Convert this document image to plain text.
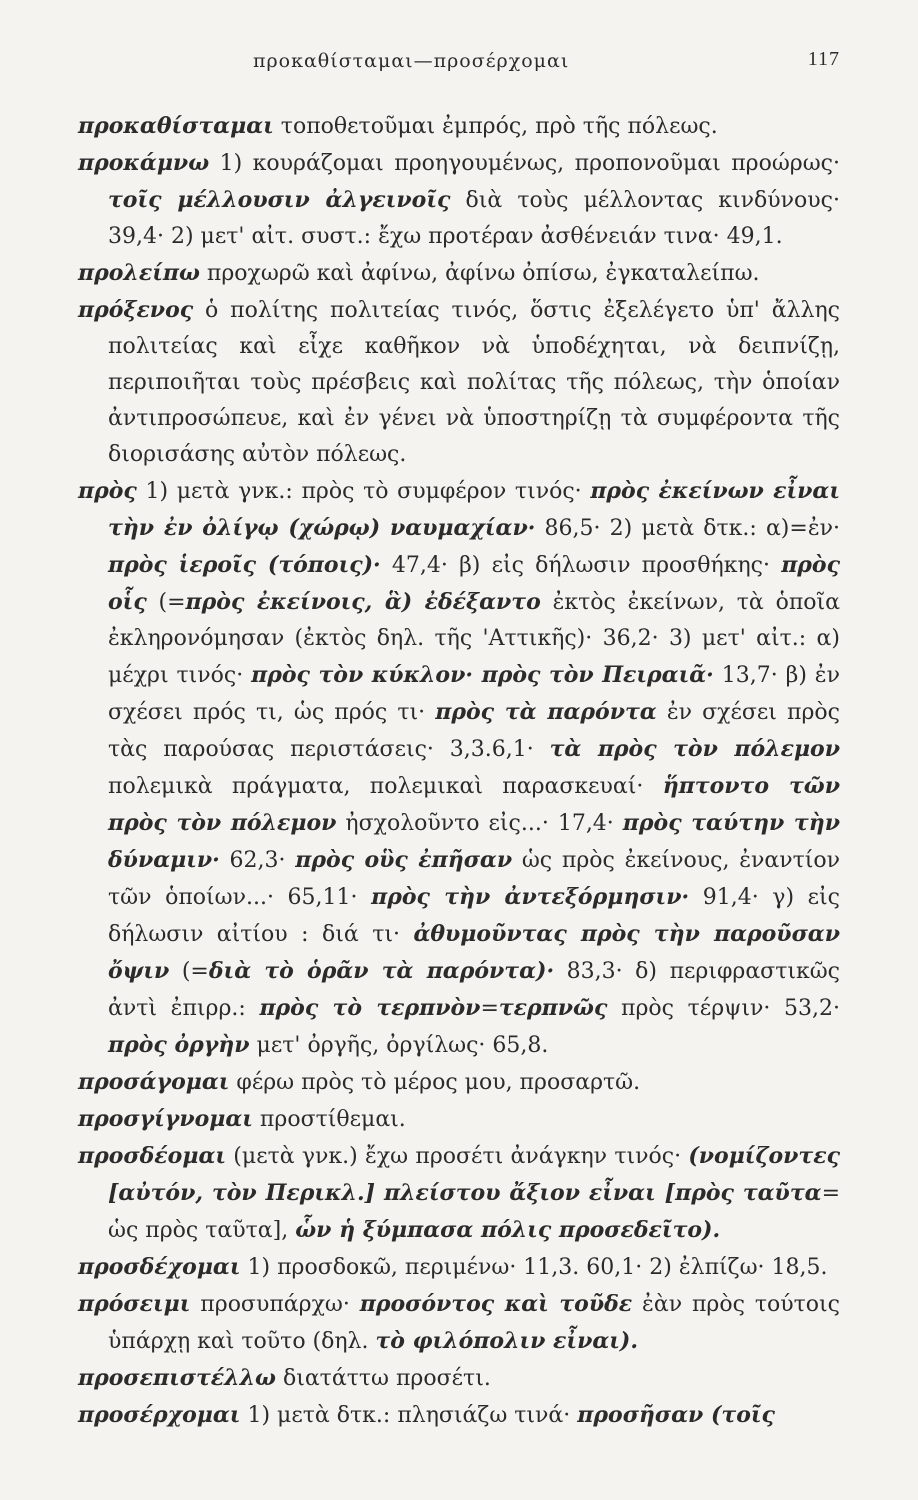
προκαθίσταμαι—προσέρχομαι	117

προκαθίσταμαι τοποθετοῦμαι ἐμπρός, πρὸ τῆς πόλεως.

προκάμνω 1) κουράζομαι προηγουμένως, προπονοῦμαι προώρως· τοῖς μέλλουσιν ἀλγεινοῖς διὰ τοὺς μέλλοντας κινδύνους· 39,4· 2) μετ' αἰτ. συστ.: ἔχω προτέραν ἀσθένειάν τινα· 49,1.

προλείπω προχωρῶ καὶ ἀφίνω, ἀφίνω ὀπίσω, ἐγκαταλείπω.

πρόξενος ὁ πολίτης πολιτείας τινός, ὅστις ἐξελέγετο ὑπ' ἄλλης πολιτείας καὶ εἶχε καθῆκον νὰ ὑποδέχηται, νὰ δειπνίζῃ, περιποιῆται τοὺς πρέσβεις καὶ πολίτας τῆς πόλεως, τὴν ὁποίαν ἀντιπροσώπευε, καὶ ἐν γένει νὰ ὑποστηρίζῃ τὰ συμφέροντα τῆς διορισάσης αὐτὸν πόλεως.

πρὸς 1) μετὰ γνκ.: πρὸς τὸ συμφέρον τινός· πρὸς ἐκείνων εἶναι τὴν ἐν ὀλίγῳ (χώρῳ) ναυμαχίαν· 86,5· 2) μετὰ δτκ.: α)=ἐν· πρὸς ἱεροῖς (τόποις)· 47,4· β) εἰς δήλωσιν προσθήκης· πρὸς οἷς (=πρὸς ἐκείνοις, ἃ) ἐδέξαντο ἐκτὸς ἐκείνων, τὰ ὁποῖα ἐκληρονόμησαν (ἐκτὸς δηλ. τῆς 'Αττικῆς)· 36,2· 3) μετ' αἰτ.: α) μέχρι τινός· πρὸς τὸν κύκλον· πρὸς τὸν Πειραιᾶ· 13,7· β) ἐν σχέσει πρός τι, ὡς πρός τι· πρὸς τὰ παρόντα ἐν σχέσει πρὸς τὰς παρούσας περιστάσεις· 3,3.6,1· τὰ πρὸς τὸν πόλεμον πολεμικὰ πράγματα, πολεμικαὶ παρασκευαί· ἥπτοντο τῶν πρὸς τὸν πόλεμον ἠσχολοῦντο εἰς...· 17,4· πρὸς ταύτην τὴν δύναμιν· 62,3· πρὸς οὓς ἐπῆσαν ὡς πρὸς ἐκείνους, ἐναντίον τῶν ὁποίων...· 65,11· πρὸς τὴν ἀντεξόρμησιν· 91,4· γ) εἰς δήλωσιν αἰτίου : διά τι· ἀθυμοῦντας πρὸς τὴν παροῦσαν ὄψιν (=διὰ τὸ ὁρᾶν τὰ παρόντα)· 83,3· δ) περιφραστικῶς ἀντὶ ἐπιρρ.: πρὸς τὸ τερπνὸν=τερπνῶς πρὸς τέρψιν· 53,2· πρὸς ὀργὴν μετ' ὀργῆς, ὀργίλως· 65,8.

προσάγομαι φέρω πρὸς τὸ μέρος μου, προσαρτῶ.

προσγίγνομαι προστίθεμαι.

προσδέομαι (μετὰ γνκ.) ἔχω προσέτι ἀνάγκην τινός· (νομίζοντες [αὐτόν, τὸν Περικλ.] πλείστου ἄξιον εἶναι [πρὸς ταῦτα= ὡς πρὸς ταῦτα], ὧν ἡ ξύμπασα πόλις προσεδεῖτο).

προσδέχομαι 1) προσδοκῶ, περιμένω· 11,3. 60,1· 2) ἐλπίζω· 18,5.

πρόσειμι προσυπάρχω· προσόντος καὶ τοῦδε ἐὰν πρὸς τούτοις ὑπάρχῃ καὶ τοῦτο (δηλ. τὸ φιλόπολιν εἶναι).

προσεπιστέλλω διατάττω προσέτι.

προσέρχομαι 1) μετὰ δτκ.: πλησιάζω τινά· προσῆσαν (τοῖς
